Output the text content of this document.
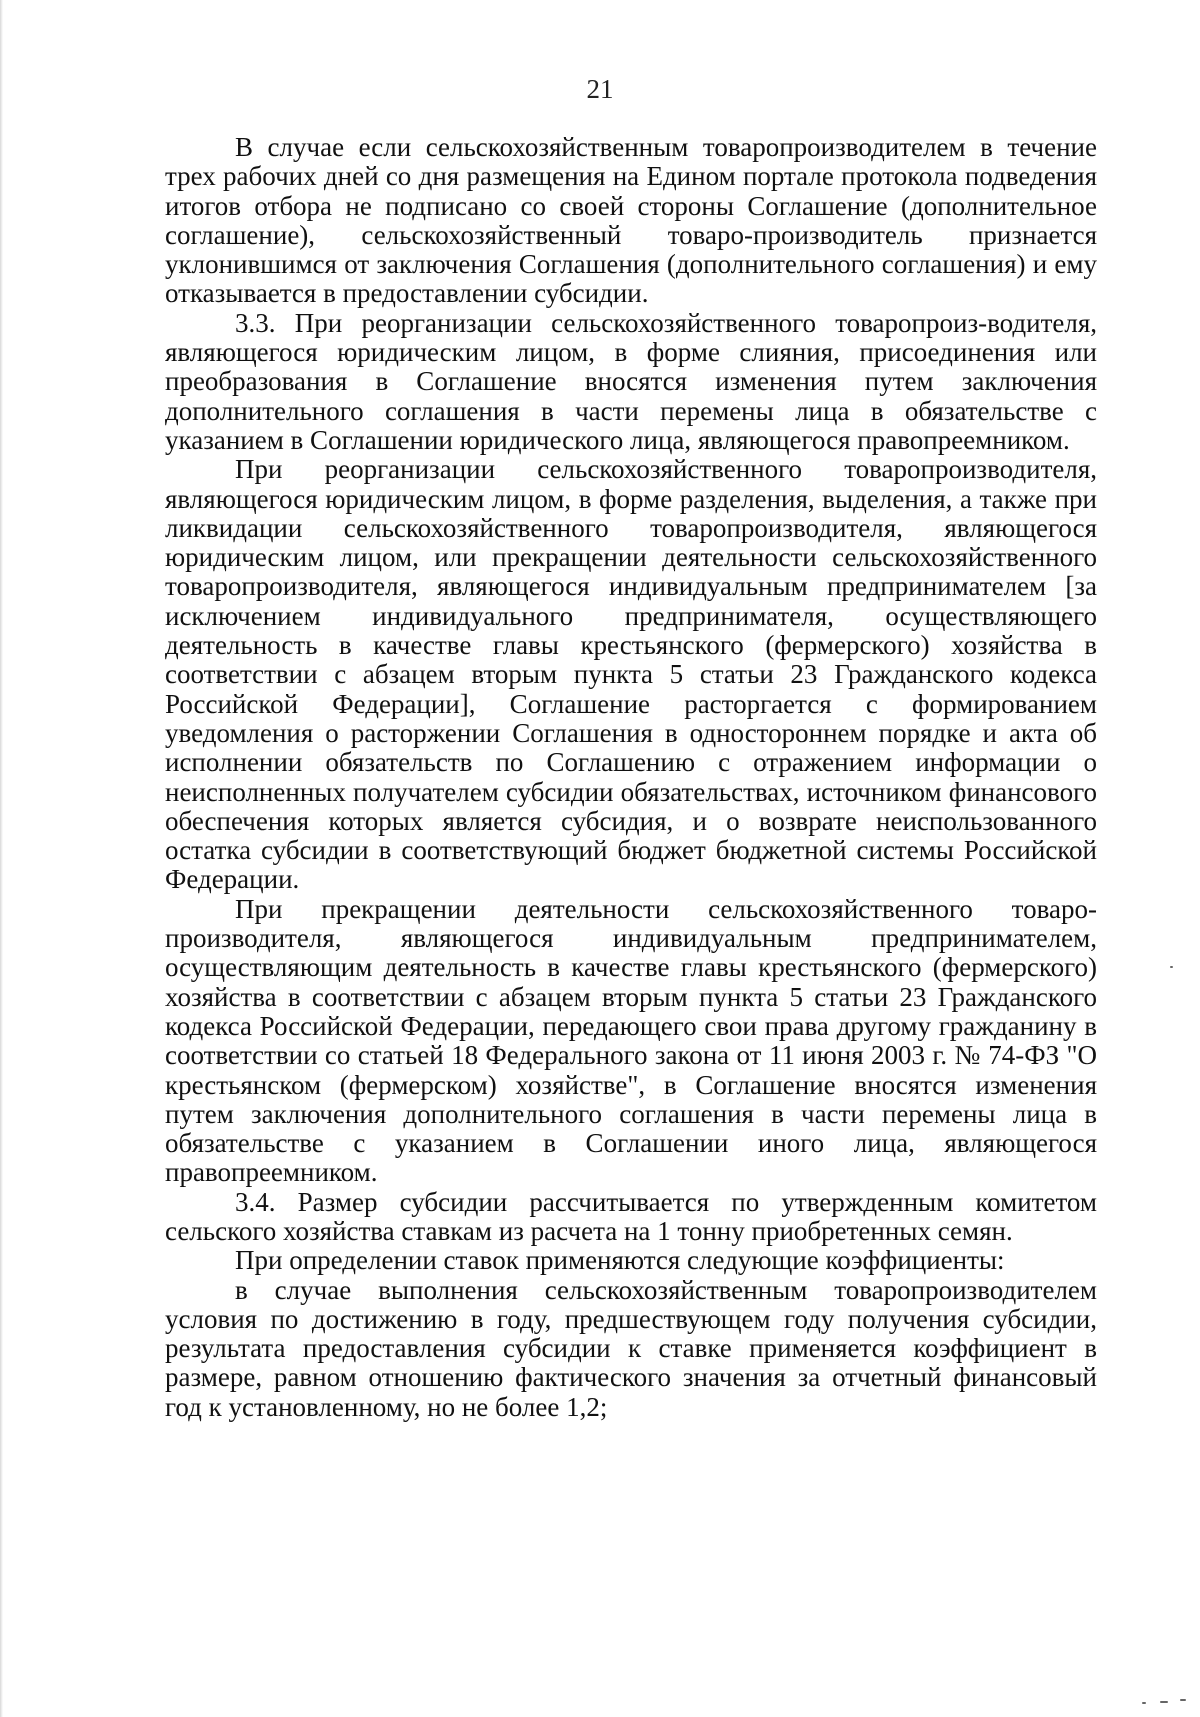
21

В случае если сельскохозяйственным товаропроизводителем в течение трех рабочих дней со дня размещения на Едином портале протокола подведения итогов отбора не подписано со своей стороны Соглашение (дополнительное соглашение), сельскохозяйственный товаро-производитель признается уклонившимся от заключения Соглашения (дополнительного соглашения) и ему отказывается в предоставлении субсидии.

3.3. При реорганизации сельскохозяйственного товаропроиз-водителя, являющегося юридическим лицом, в форме слияния, присоединения или преобразования в Соглашение вносятся изменения путем заключения дополнительного соглашения в части перемены лица в обязательстве с указанием в Соглашении юридического лица, являющегося правопреемником.

При реорганизации сельскохозяйственного товаропроизводителя, являющегося юридическим лицом, в форме разделения, выделения, а также при ликвидации сельскохозяйственного товаропроизводителя, являющегося юридическим лицом, или прекращении деятельности сельскохозяйственного товаропроизводителя, являющегося индивидуальным предпринимателем [за исключением индивидуального предпринимателя, осуществляющего деятельность в качестве главы крестьянского (фермерского) хозяйства в соответствии с абзацем вторым пункта 5 статьи 23 Гражданского кодекса Российской Федерации], Соглашение расторгается с формированием уведомления о расторжении Соглашения в одностороннем порядке и акта об исполнении обязательств по Соглашению с отражением информации о неисполненных получателем субсидии обязательствах, источником финансового обеспечения которых является субсидия, и о возврате неиспользованного остатка субсидии в соответствующий бюджет бюджетной системы Российской Федерации.

При прекращении деятельности сельскохозяйственного товаро-производителя, являющегося индивидуальным предпринимателем, осуществляющим деятельность в качестве главы крестьянского (фермерского) хозяйства в соответствии с абзацем вторым пункта 5 статьи 23 Гражданского кодекса Российской Федерации, передающего свои права другому гражданину в соответствии со статьей 18 Федерального закона от 11 июня 2003 г. № 74-ФЗ "О крестьянском (фермерском) хозяйстве", в Соглашение вносятся изменения путем заключения дополнительного соглашения в части перемены лица в обязательстве с указанием в Соглашении иного лица, являющегося правопреемником.

3.4. Размер субсидии рассчитывается по утвержденным комитетом сельского хозяйства ставкам из расчета на 1 тонну приобретенных семян.

При определении ставок применяются следующие коэффициенты:

в случае выполнения сельскохозяйственным товаропроизводителем условия по достижению в году, предшествующем году получения субсидии, результата предоставления субсидии к ставке применяется коэффициент в размере, равном отношению фактического значения за отчетный финансовый год к установленному, но не более 1,2;
